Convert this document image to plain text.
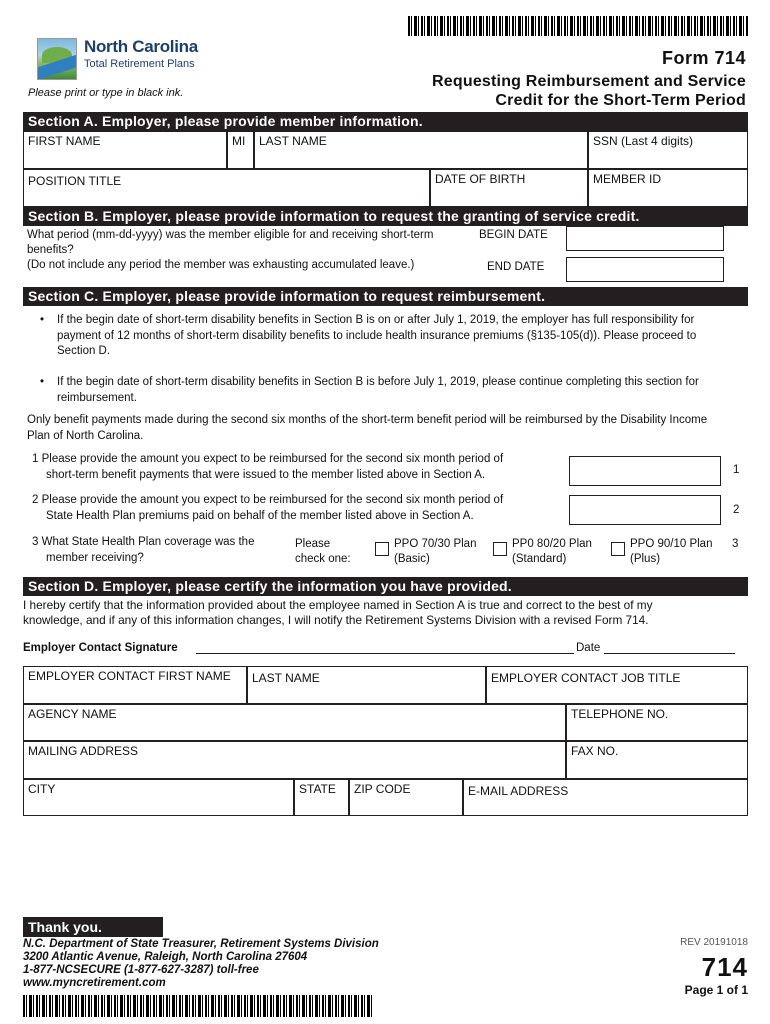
North Carolina
Total Retirement Plans	Form 714
Requesting Reimbursement and Service
Credit for the Short-Term Period
Please print or type in black ink.
Section A. Employer, please provide member information.
FIRST NAME	MI	LAST NAME	SSN (Last 4 digits)
POSITION TITLE	DATE OF BIRTH	MEMBER ID
Section B. Employer, please provide information to request the granting of service credit.
What period (mm-dd-yyyy) was the member eligible for and receiving short-term
benefits?
(Do not include any period the member was exhausting accumulated leave.)
BEGIN DATE
END DATE
Section C. Employer, please provide information to request reimbursement.
• If the begin date of short-term disability benefits in Section B is on or after July 1, 2019, the employer has full responsibility for
payment of 12 months of short-term disability benefits to include health insurance premiums (§135-105(d)). Please proceed to
Section D.
• If the begin date of short-term disability benefits in Section B is before July 1, 2019, please continue completing this section for
reimbursement.
Only benefit payments made during the second six months of the short-term benefit period will be reimbursed by the Disability Income
Plan of North Carolina.
1 Please provide the amount you expect to be reimbursed for the second six month period of
short-term benefit payments that were issued to the member listed above in Section A.	1
2 Please provide the amount you expect to be reimbursed for the second six month period of
State Health Plan premiums paid on behalf of the member listed above in Section A.	2
3 What State Health Plan coverage was the
member receiving?
Please
check one:
PPO 70/30 Plan
(Basic)
PP0 80/20 Plan
(Standard)
PPO 90/10 Plan
(Plus)
3
Section D. Employer, please certify the information you have provided.
I hereby certify that the information provided about the employee named in Section A is true and correct to the best of my
knowledge, and if any of this information changes, I will notify the Retirement Systems Division with a revised Form 714.
Employer Contact Signature	Date
EMPLOYER CONTACT FIRST NAME	LAST NAME	EMPLOYER CONTACT JOB TITLE
AGENCY NAME	TELEPHONE NO.
MAILING ADDRESS	FAX NO.
CITY	STATE	ZIP CODE	E-MAIL ADDRESS
Thank you.
N.C. Department of State Treasurer, Retirement Systems Division
3200 Atlantic Avenue, Raleigh, North Carolina 27604
1-877-NCSECURE (1-877-627-3287) toll-free
www.myncretirement.com
REV 20191018
714
Page 1 of 1
